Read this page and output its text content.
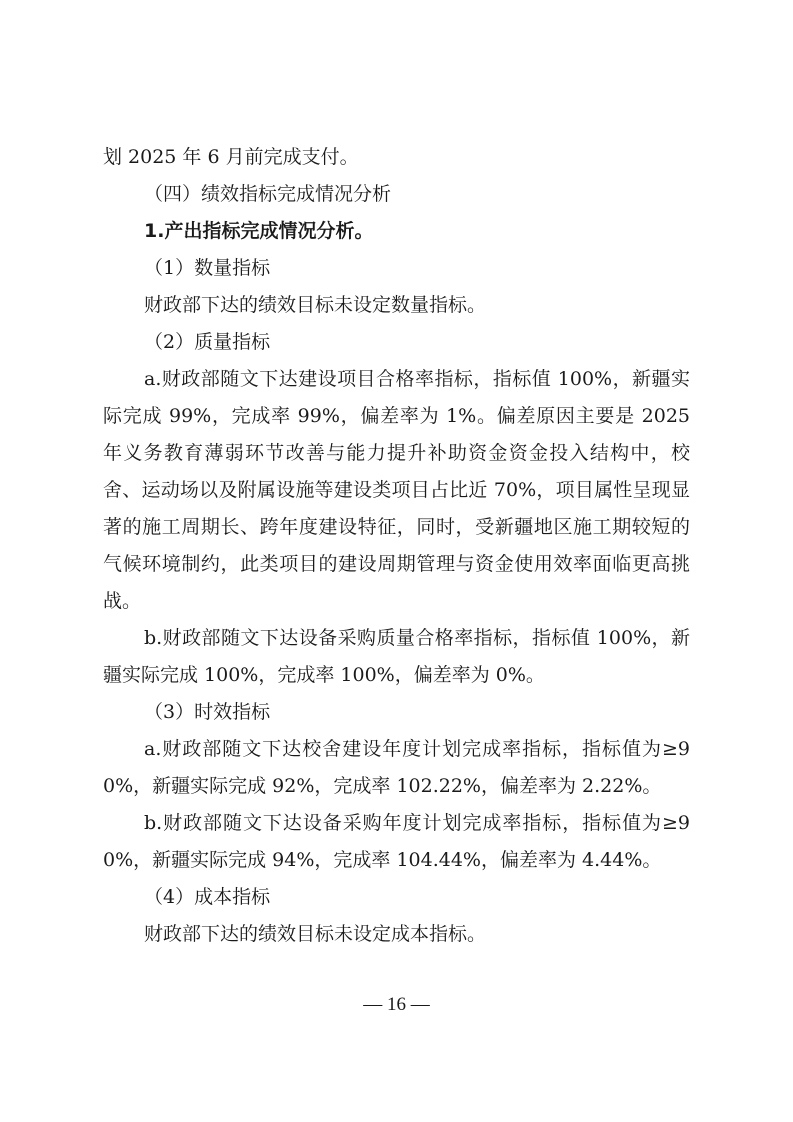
划 2025 年 6 月前完成支付。

（四）绩效指标完成情况分析

1.产出指标完成情况分析。

（1）数量指标

财政部下达的绩效目标未设定数量指标。

（2）质量指标

a.财政部随文下达建设项目合格率指标，指标值 100%，新疆实际完成 99%，完成率 99%，偏差率为 1%。偏差原因主要是 2025 年义务教育薄弱环节改善与能力提升补助资金资金投入结构中，校舍、运动场以及附属设施等建设类项目占比近 70%，项目属性呈现显著的施工周期长、跨年度建设特征，同时，受新疆地区施工期较短的气候环境制约，此类项目的建设周期管理与资金使用效率面临更高挑战。

b.财政部随文下达设备采购质量合格率指标，指标值 100%，新疆实际完成 100%，完成率 100%，偏差率为 0%。

（3）时效指标

a.财政部随文下达校舍建设年度计划完成率指标，指标值为≥90%，新疆实际完成 92%，完成率 102.22%，偏差率为 2.22%。

b.财政部随文下达设备采购年度计划完成率指标，指标值为≥90%，新疆实际完成 94%，完成率 104.44%，偏差率为 4.44%。

（4）成本指标

财政部下达的绩效目标未设定成本指标。

— 16 —
